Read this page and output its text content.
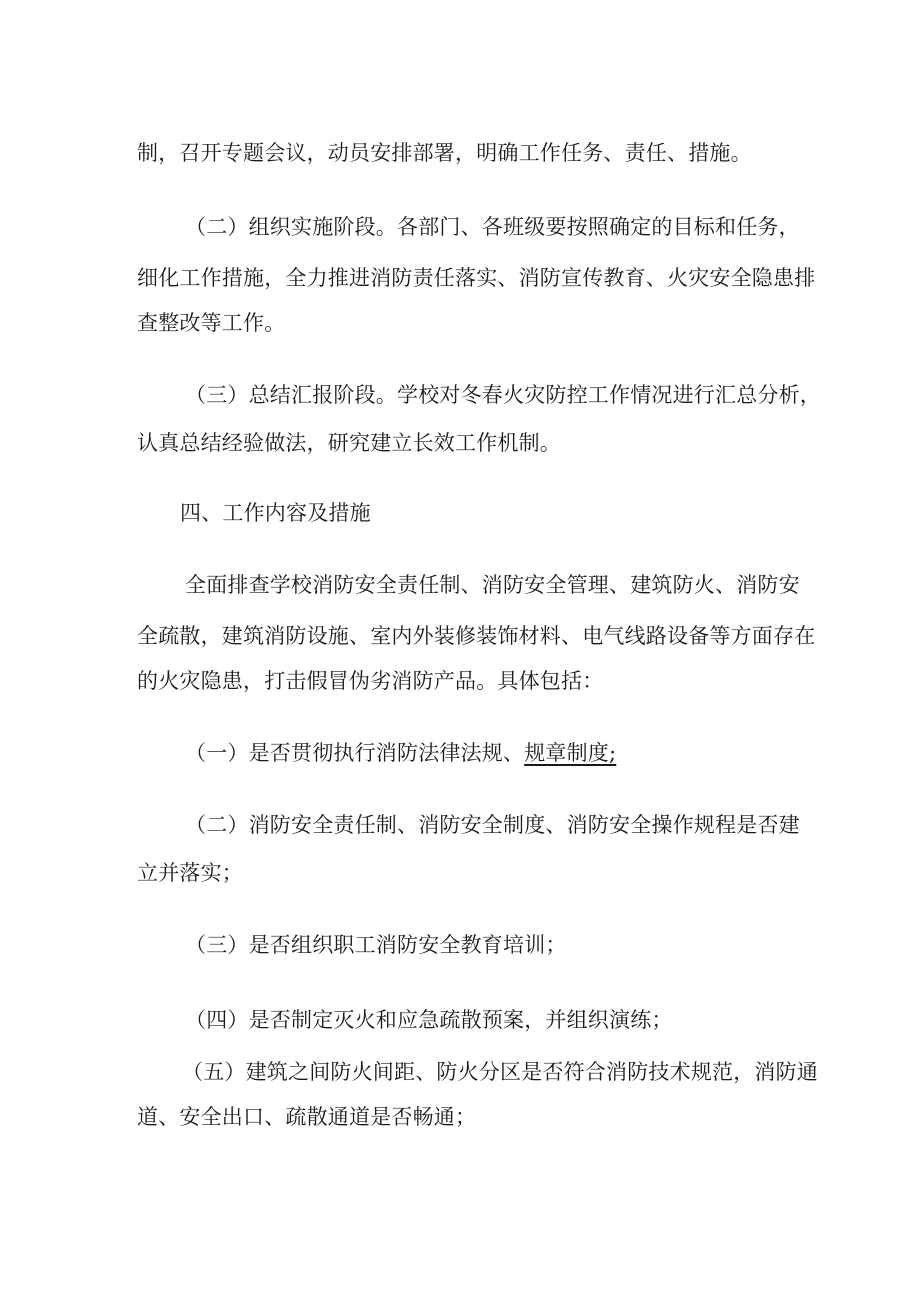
制，召开专题会议，动员安排部署，明确工作任务、责任、措施。
（二）组织实施阶段。各部门、各班级要按照确定的目标和任务，
细化工作措施，全力推进消防责任落实、消防宣传教育、火灾安全隐患排
查整改等工作。
（三）总结汇报阶段。学校对冬春火灾防控工作情况进行汇总分析，
认真总结经验做法，研究建立长效工作机制。
四、工作内容及措施
全面排查学校消防安全责任制、消防安全管理、建筑防火、消防安
全疏散，建筑消防设施、室内外装修装饰材料、电气线路设备等方面存在
的火灾隐患，打击假冒伪劣消防产品。具体包括：
（一）是否贯彻执行消防法律法规、规章制度;
（二）消防安全责任制、消防安全制度、消防安全操作规程是否建
立并落实；
（三）是否组织职工消防安全教育培训；
（四）是否制定灭火和应急疏散预案，并组织演练；
（五）建筑之间防火间距、防火分区是否符合消防技术规范，消防通
道、安全出口、疏散通道是否畅通；
